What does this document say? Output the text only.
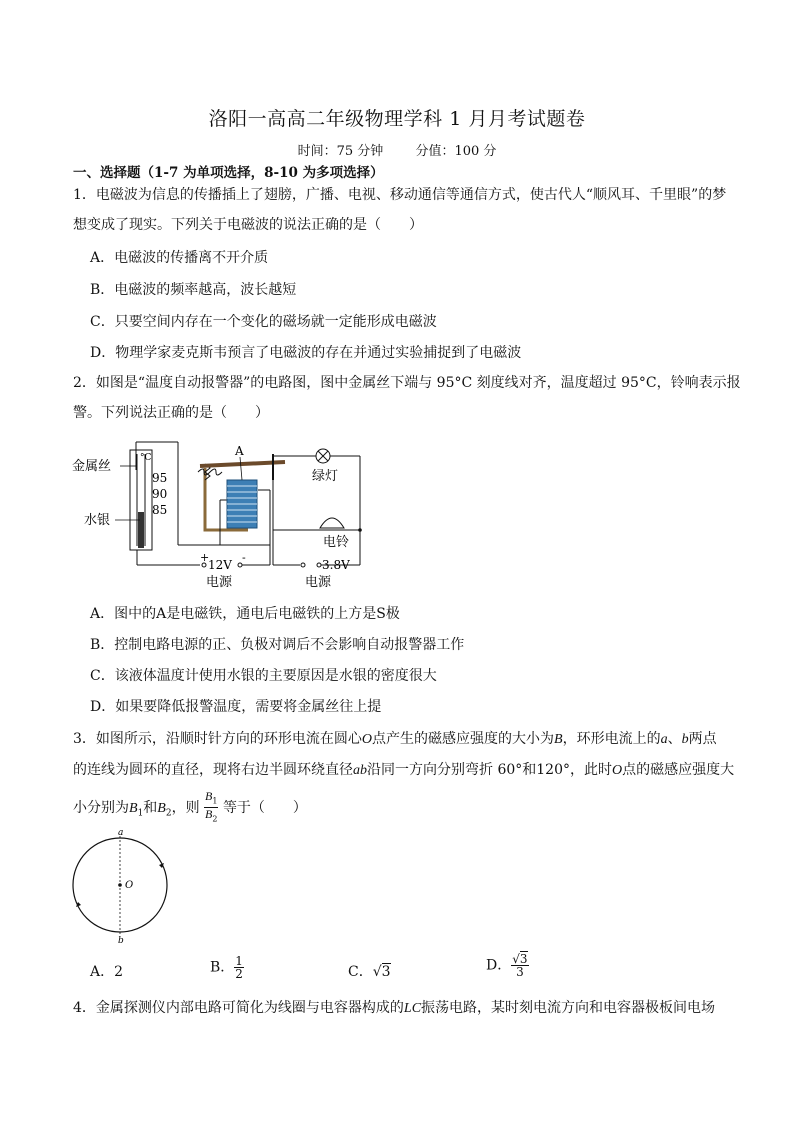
洛阳一高高二年级物理学科 1 月月考试题卷
时间：75 分钟 分值：100 分
一、选择题（1-7 为单项选择，8-10 为多项选择）
1．电磁波为信息的传播插上了翅膀，广播、电视、移动通信等通信方式，使古代人“顺风耳、千里眼”的梦
想变成了现实。下列关于电磁波的说法正确的是（　　）
A．电磁波的传播离不开介质
B．电磁波的频率越高，波长越短
C．只要空间内存在一个变化的磁场就一定能形成电磁波
D．物理学家麦克斯韦预言了电磁波的存在并通过实验捕捉到了电磁波
2．如图是“温度自动报警器”的电路图，图中金属丝下端与 95°C 刻度线对齐，温度超过 95°C，铃响表示报
警。下列说法正确的是（　　）
金属丝
水银
°C
95
90
85
A
绿灯
电铃
+	-
12V	3.8V
电源	电源
A．图中的A是电磁铁，通电后电磁铁的上方是S极
B．控制电路电源的正、负极对调后不会影响自动报警器工作
C．该液体温度计使用水银的主要原因是水银的密度很大
D．如果要降低报警温度，需要将金属丝往上提
3．如图所示，沿顺时针方向的环形电流在圆心O点产生的磁感应强度的大小为B，环形电流上的a、b两点
的连线为圆环的直径，现将右边半圆环绕直径ab沿同一方向分别弯折 60°和120°，此时O点的磁感应强度大
小分别为$B_1$和$B_2$，则 $\frac{B_1}{B_2}$ 等于（　　）
a
O
b
A．2	B． $\frac{1}{2}$	C．√3	D． $\frac{√3}{3}$
4．金属探测仪内部电路可简化为线圈与电容器构成的LC振荡电路，某时刻电流方向和电容器极板间电场
